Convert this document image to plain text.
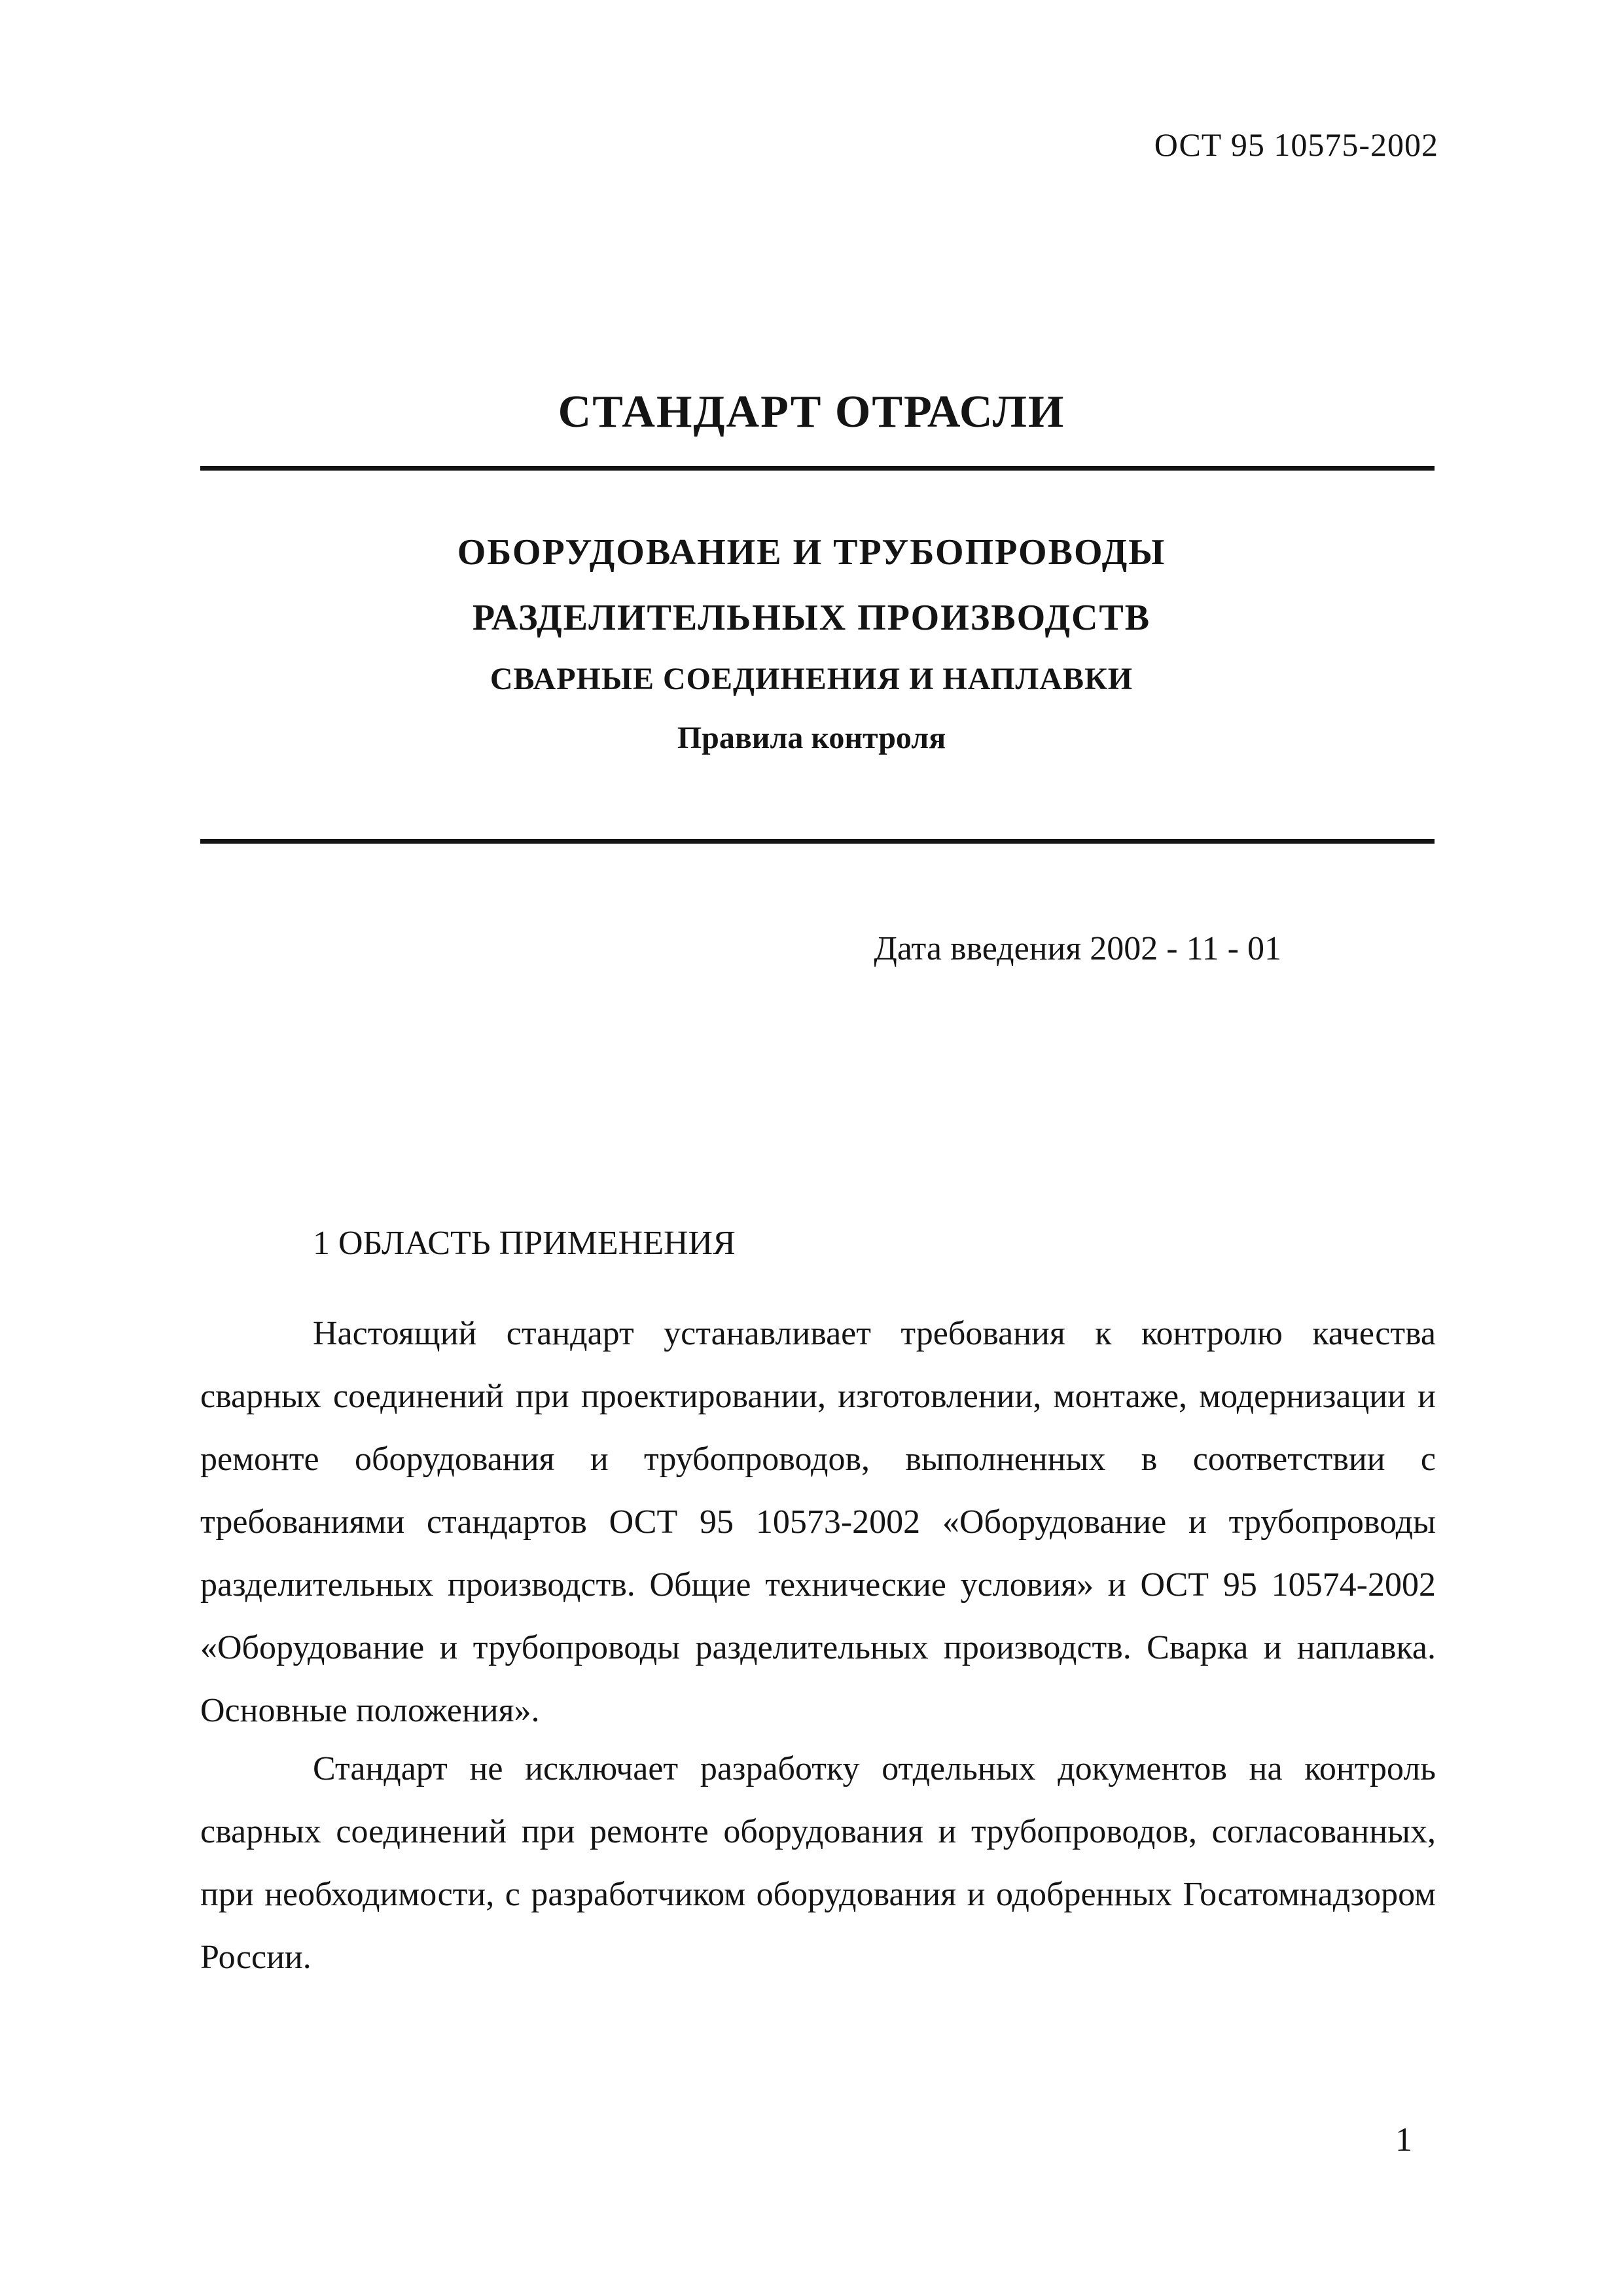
ОСТ 95 10575-2002
СТАНДАРТ ОТРАСЛИ
ОБОРУДОВАНИЕ И ТРУБОПРОВОДЫ
РАЗДЕЛИТЕЛЬНЫХ ПРОИЗВОДСТВ
СВАРНЫЕ СОЕДИНЕНИЯ И НАПЛАВКИ
Правила контроля
Дата введения 2002 - 11 - 01
1 ОБЛАСТЬ ПРИМЕНЕНИЯ

Настоящий стандарт устанавливает требования к контролю качества сварных соединений при проектировании, изготовлении, монтаже, модернизации и ремонте оборудования и трубопроводов, выполненных в соответствии с требованиями стандартов ОСТ 95 10573-2002 «Оборудование и трубопроводы разделительных производств. Общие технические условия» и ОСТ 95 10574-2002 «Оборудование и трубопроводы разделительных производств. Сварка и наплавка. Основные положения».

Стандарт не исключает разработку отдельных документов на контроль сварных соединений при ремонте оборудования и трубопроводов, согласованных, при необходимости, с разработчиком оборудования и одобренных Госатомнадзором России.

1
